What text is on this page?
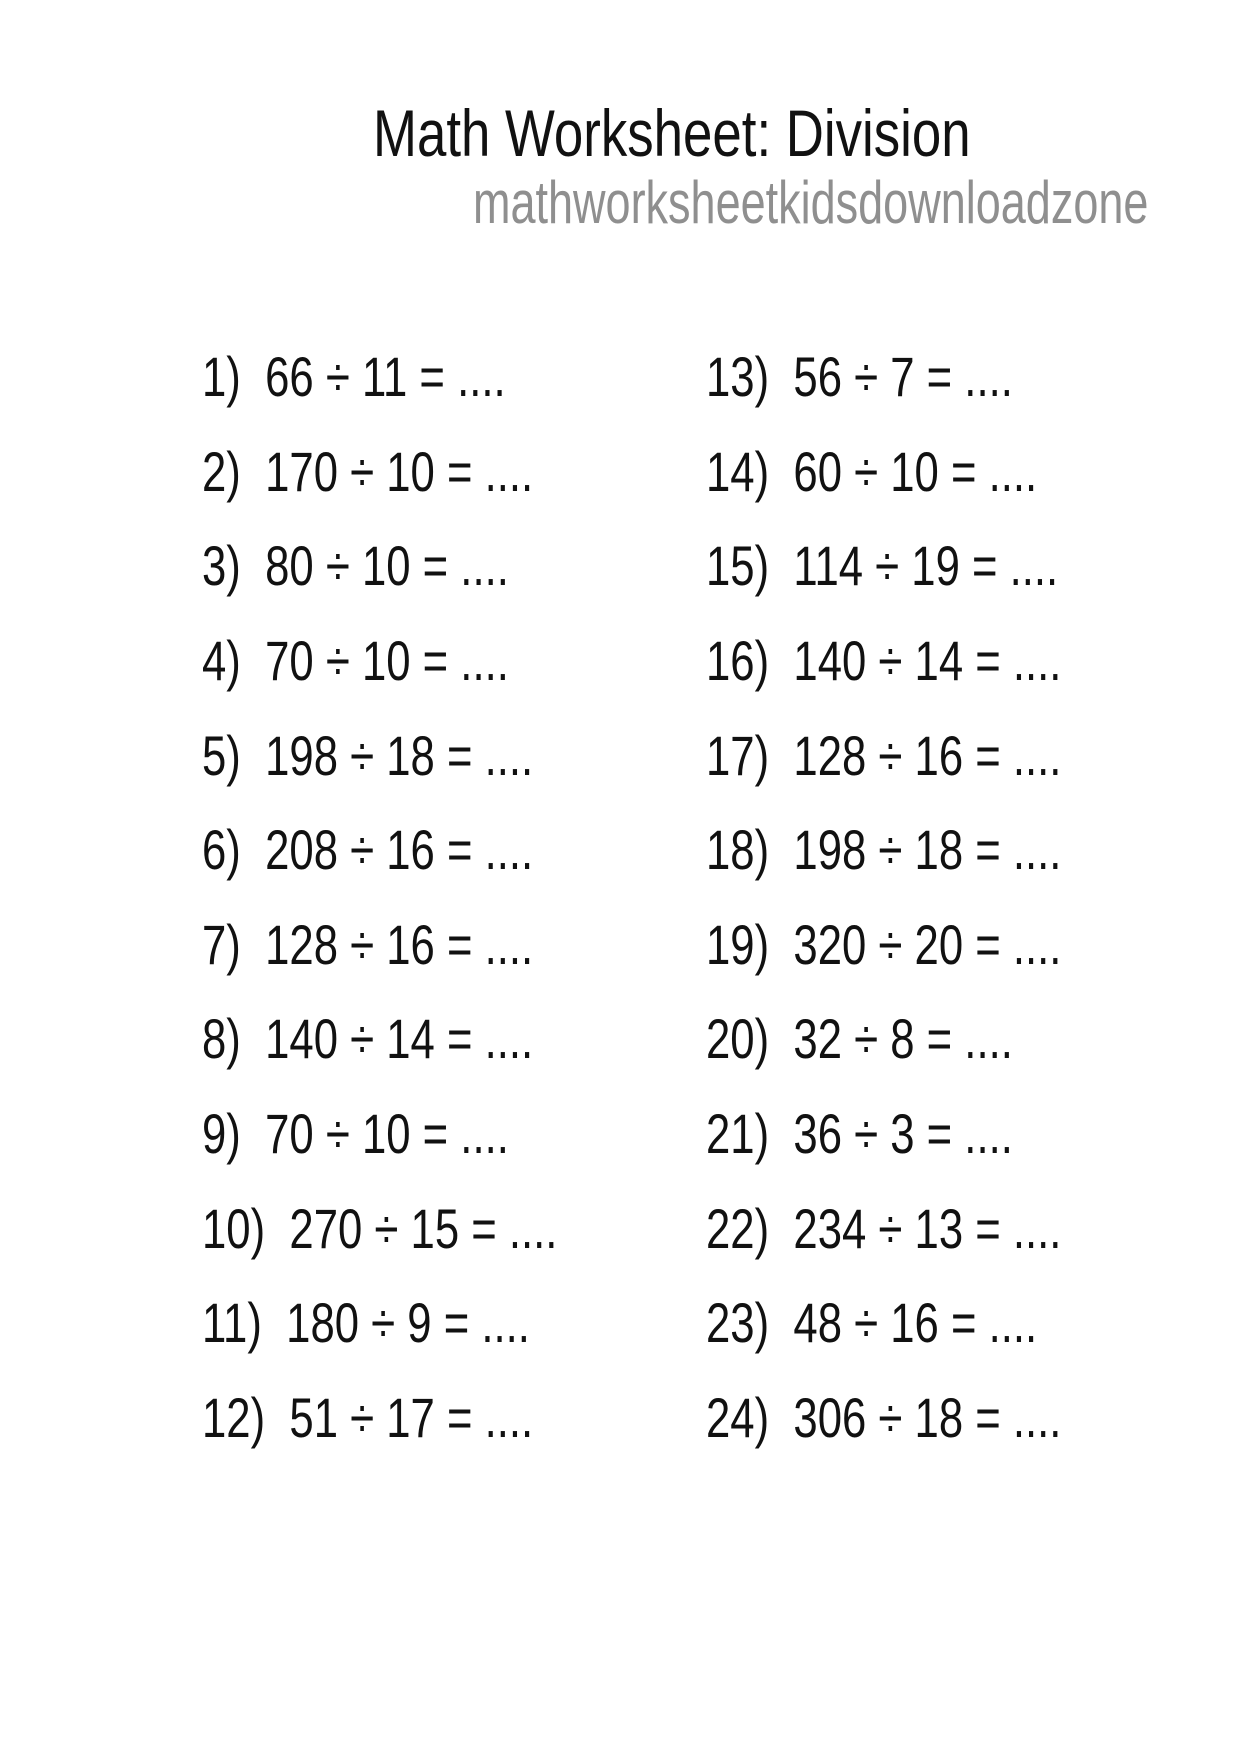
Math Worksheet: Division
mathworksheetkidsdownloadzone
1)  66 ÷ 11 = ....
2)  170 ÷ 10 = ....
3)  80 ÷ 10 = ....
4)  70 ÷ 10 = ....
5)  198 ÷ 18 = ....
6)  208 ÷ 16 = ....
7)  128 ÷ 16 = ....
8)  140 ÷ 14 = ....
9)  70 ÷ 10 = ....
10)  270 ÷ 15 = ....
11)  180 ÷ 9 = ....
12)  51 ÷ 17 = ....
13)  56 ÷ 7 = ....
14)  60 ÷ 10 = ....
15)  114 ÷ 19 = ....
16)  140 ÷ 14 = ....
17)  128 ÷ 16 = ....
18)  198 ÷ 18 = ....
19)  320 ÷ 20 = ....
20)  32 ÷ 8 = ....
21)  36 ÷ 3 = ....
22)  234 ÷ 13 = ....
23)  48 ÷ 16 = ....
24)  306 ÷ 18 = ....
